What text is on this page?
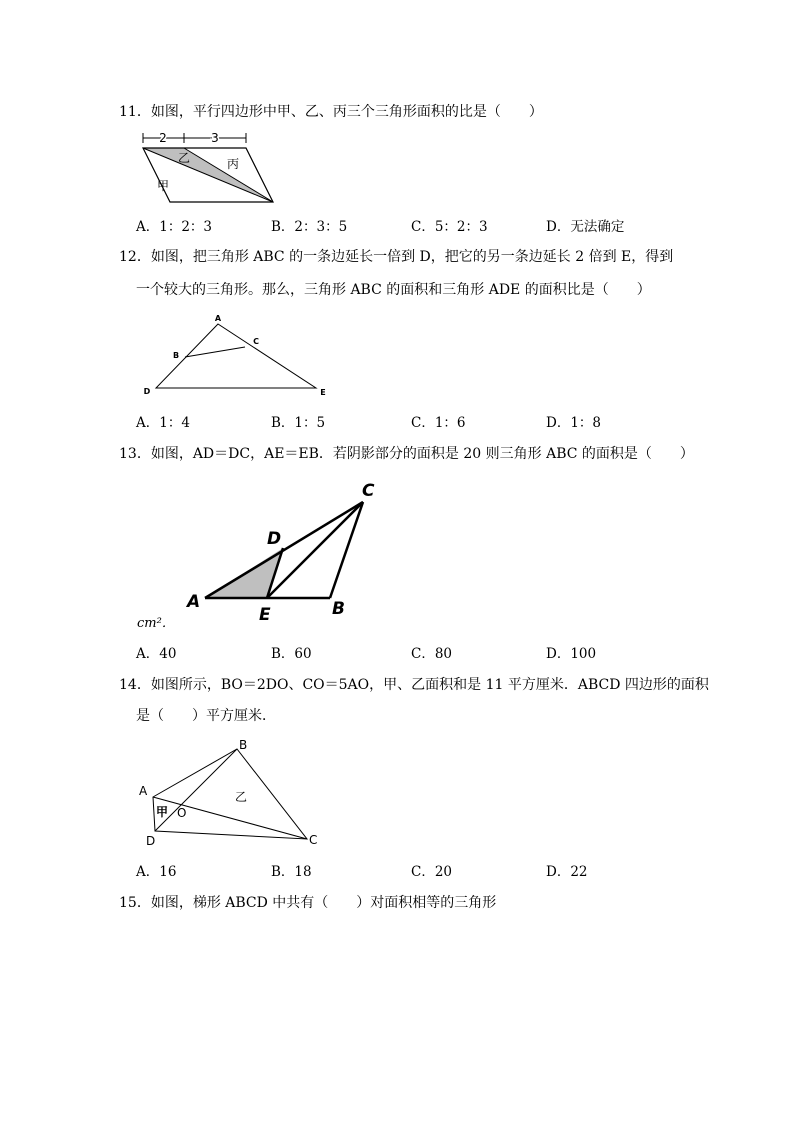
11．如图，平行四边形中甲、乙、丙三个三角形面积的比是（　　）
2	3
乙	丙
甲
A．1：2：3	B．2：3：5	C．5：2：3	D．无法确定
12．如图，把三角形 ABC 的一条边延长一倍到 D，把它的另一条边延长 2 倍到 E，得到
一个较大的三角形。那么，三角形 ABC 的面积和三角形 ADE 的面积比是（　　）
A
B
C
D	E
A．1：4	B．1：5	C．1：6	D．1：8
13．如图，AD＝DC，AE＝EB．若阴影部分的面积是 20 则三角形 ABC 的面积是（　　）
A	B
C
D
E
cm²．
A．40	B．60	C．80	D．100
14．如图所示，BO＝2DO、CO＝5AO，甲、乙面积和是 11 平方厘米．ABCD 四边形的面积
是（　　）平方厘米．
A
B
C
D
O
甲
乙
A．16	B．18	C．20	D．22
15．如图，梯形 ABCD 中共有（　　）对面积相等的三角形
